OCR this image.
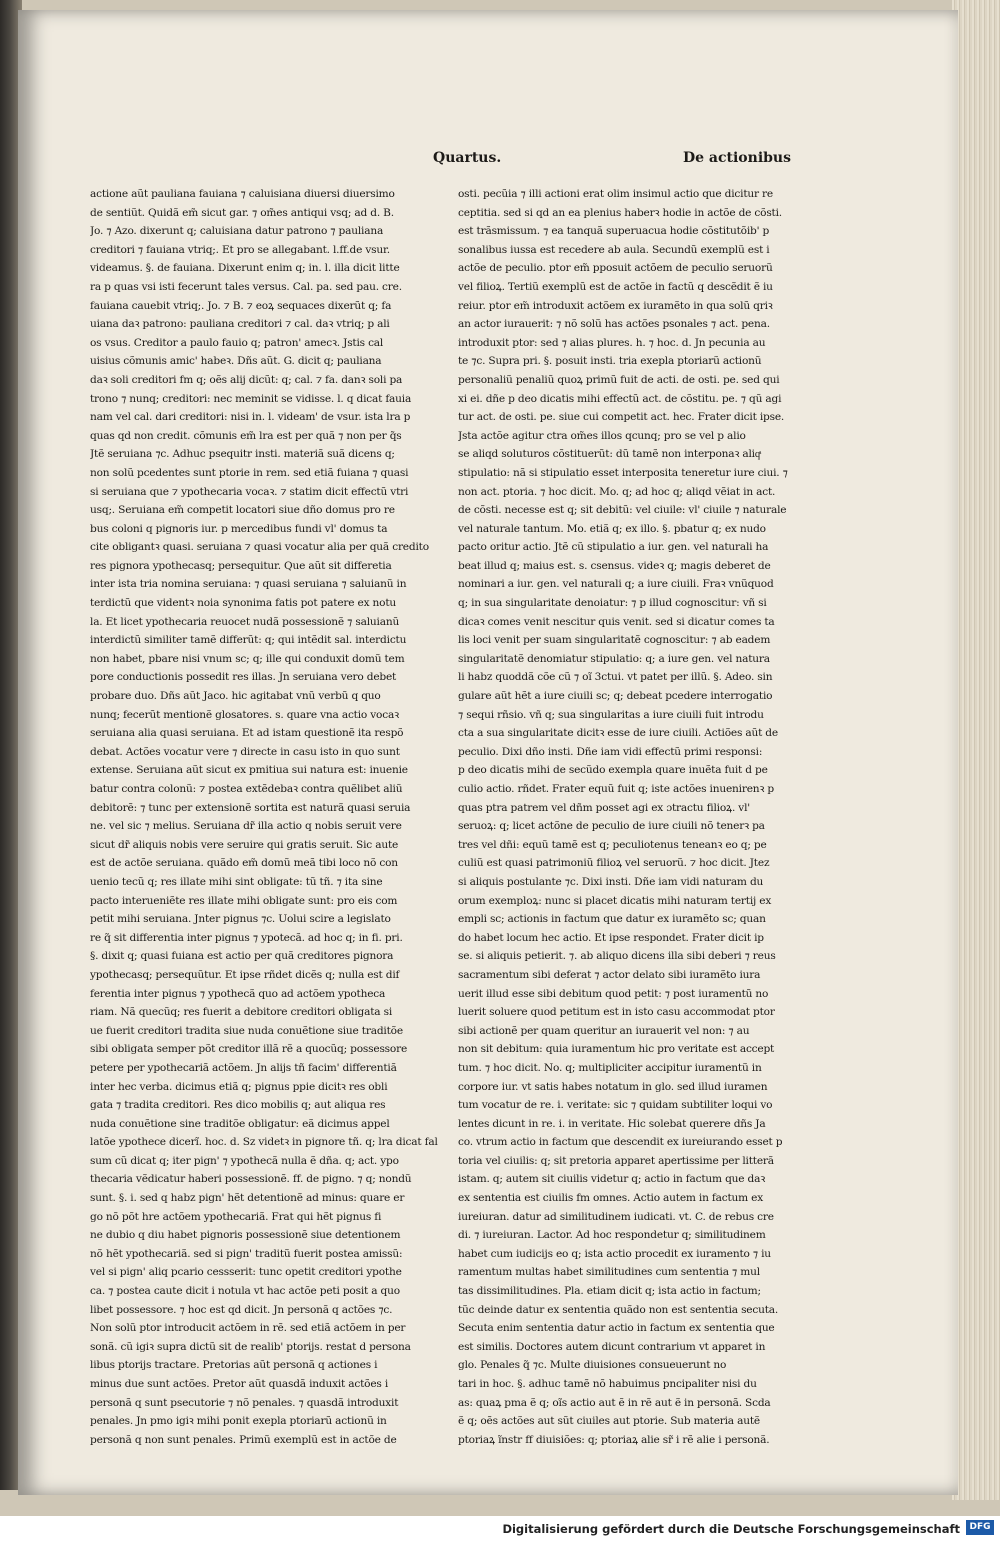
Quartus.	De actionibus
actione aũt pauliana fauiana ⁊ caluisiana diuersi diuersimo
de sentiũt. Quidã em̃ sicut gar. ⁊ om̃es antiqui vsq; ad d. B.
Jo. ⁊ Azo. dixerunt q; caluisiana datur patrono ⁊ pauliana
creditori ⁊ fauiana vtriq;. Et pro se allegabant. l.ff.de vsur.
videamus. §. de fauiana. Dixerunt enim q; in. l. illa dicit litte
ra p quas vsi isti fecerunt tales versus. Cal. pa. sed pau. cre.
fauiana cauebit vtriq;. Jo. ⁊ B. ⁊ eoꝝ sequaces dixerũt q; fa
uiana daꝛ patrono: pauliana creditori ⁊ cal. daꝛ vtriq; p ali
os vsus. Creditor a paulo fauio q; patron' amecꝛ. Jstis cal
uisius cõmunis amic' habeꝛ. Dñs aũt. G. dicit q; pauliana
daꝛ soli creditori fm q; oẽs alij dicũt: q; cal. ⁊ fa. danꝛ soli pa
trono ⁊ nunq; creditori: nec meminit se vidisse. l. q dicat fauia
nam vel cal. dari creditori: nisi in. l. videam' de vsur. ista lra p
quas qd non credit. cõmunis em̃ lra est per quã ⁊ non per q̃s
Jtẽ seruiana ⁊c. Adhuc psequitr insti. materiã suã dicens q;
non solũ pcedentes sunt ptorie in rem. sed etiã fuiana ⁊ quasi
si seruiana que ⁊ ypothecaria vocaꝛ. ⁊ statim dicit effectũ vtri
usq;. Seruiana em̃ competit locatori siue dño domus pro re
bus coloni q pignoris iur. p mercedibus fundi vl' domus ta
cite obligantꝛ quasi. seruiana ⁊ quasi vocatur alia per quã credito
res pignora ypothecasq; persequitur. Que aũt sit differetia
inter ista tria nomina seruiana: ⁊ quasi seruiana ⁊ saluianũ in
terdictũ que videntꝛ noia synonima fatis pot patere ex notu
la. Et licet ypothecaria reuocet nudã possessionẽ ⁊ saluianũ
interdictũ similiter tamẽ differũt: q; qui intẽdit sal. interdictu
non habet, pbare nisi vnum sc; q; ille qui conduxit domũ tem
pore conductionis possedit res illas. Jn seruiana vero debet
probare duo. Dñs aũt Jaco. hic agitabat vnũ verbũ q quo
nunq; fecerũt mentionẽ glosatores. s. quare vna actio vocaꝛ
seruiana alia quasi seruiana. Et ad istam questionẽ ita respõ
debat. Actões vocatur vere ⁊ directe in casu isto in quo sunt
extense. Seruiana aũt sicut ex pmitiua sui natura est: inuenie
batur contra colonũ: ⁊ postea extẽdebaꝛ contra quẽlibet aliũ
debitorẽ: ⁊ tunc per extensionẽ sortita est naturã quasi seruia
ne. vel sic ⁊ melius. Seruiana dr̃ illa actio q nobis seruit vere
sicut dr̃ aliquis nobis vere seruire qui gratis seruit. Sic aute
est de actõe seruiana. quãdo em̃ domũ meã tibi loco nõ con
uenio tecũ q; res illate mihi sint obligate: tũ tñ. ⁊ ita sine
pacto interueniẽte res illate mihi obligate sunt: pro eis com
petit mihi seruiana. Jnter pignus ⁊c. Uolui scire a legislato
re q̃ sit differentia inter pignus ⁊ ypotecã. ad hoc q; in fi. pri.
§. dixit q; quasi fuiana est actio per quã creditores pignora
ypothecasq; persequũtur. Et ipse rñdet dicẽs q; nulla est dif
ferentia inter pignus ⁊ ypothecã quo ad actõem ypotheca
riam. Nã quecũq; res fuerit a debitore creditori obligata si
ue fuerit creditori tradita siue nuda conuẽtione siue traditõe
sibi obligata semper põt creditor illã rẽ a quocũq; possessore
petere per ypothecariã actõem. Jn alijs tñ facim' differentiã
inter hec verba. dicimus etiã q; pignus ppie dicitꝛ res obli
gata ⁊ tradita creditori. Res dico mobilis q; aut aliqua res
nuda conuẽtione sine traditõe obligatur: eã dicimus appel
latõe ypothece dicerĩ. hoc. d. Sz videtꝛ in pignore tñ. q; lra dicat fal
sum cũ dicat q; iter pign' ⁊ ypothecã nulla ẽ dña. q; act. ypo
thecaria vẽdicatur haberi possessionẽ. ff. de pigno. ⁊ q; nondũ
sunt. §. i. sed q habz pign' hẽt detentionẽ ad minus: quare er
go nõ põt hre actõem ypothecariã. Frat qui hẽt pignus fi
ne dubio q diu habet pignoris possessionẽ siue detentionem
nõ hẽt ypothecariã. sed si pign' traditũ fuerit postea amissũ:
vel si pign' aliq pcario cessserit: tunc opetit creditori ypothe
ca. ⁊ postea caute dicit i notula vt hac actõe peti posit a quo
libet possessore. ⁊ hoc est qd dicit. Jn personã q actões ⁊c.
Non solũ ptor introducit actõem in rẽ. sed etiã actõem in per
sonã. cũ igiꝛ supra dictũ sit de realib' ptorijs. restat d persona
libus ptorijs tractare. Pretorias aũt personã q actiones i
minus due sunt actões. Pretor aũt quasdã induxit actões i
personã q sunt psecutorie ⁊ nõ penales. ⁊ quasdã introduxit
penales. Jn pmo igiꝛ mihi ponit exepla ptoriarũ actionũ in
personã q non sunt penales. Primũ exemplũ est in actõe de
osti. pecũia ⁊ illi actioni erat olim insimul actio que dicitur re
ceptitia. sed si qd an ea plenius haberꝛ hodie in actõe de cõsti.
est trãsmissum. ⁊ ea tanquã superuacua hodie cõstitutõib' p
sonalibus iussa est recedere ab aula. Secundũ exemplũ est i
actõe de peculio. ptor em̃ pposuit actõem de peculio seruorũ
vel filioꝝ. Tertiũ exemplũ est de actõe in factũ q descẽdit ẽ iu
reiur. ptor em̃ introduxit actõem ex iuramẽto in qua solũ qriꝛ
an actor iurauerit: ⁊ nõ solũ has actões psonales ⁊ act. pena.
introduxit ptor: sed ⁊ alias plures. h. ⁊ hoc. d. Jn pecunia au
te ⁊c. Supra pri. §. posuit insti. tria exepla ptoriarũ actionũ
personaliũ penaliũ quoꝝ primũ fuit de acti. de osti. pe. sed qui
xi ei. dñe p deo dicatis mihi effectũ act. de cõstitu. pe. ⁊ qũ agi
tur act. de osti. pe. siue cui competit act. hec. Frater dicit ipse.
Jsta actõe agitur ctra om̃es illos qcunq; pro se vel p alio
se aliqd soluturos cõstituerũt: dũ tamẽ non interponaꝛ aliqͣ
stipulatio: nã si stipulatio esset interposita teneretur iure ciui. ⁊
non act. ptoria. ⁊ hoc dicit. Mo. q; ad hoc q; aliqd vẽiat in act.
de cõsti. necesse est q; sit debitũ: vel ciuile: vl' ciuile ⁊ naturale
vel naturale tantum. Mo. etiã q; ex illo. §. pbatur q; ex nudo
pacto oritur actio. Jtẽ cũ stipulatio a iur. gen. vel naturali ha
beat illud q; maius est. s. csensus. videꝛ q; magis deberet de
nominari a iur. gen. vel naturali q; a iure ciuili. Fraꝛ vnũquod
q; in sua singularitate denoiatur: ⁊ p illud cognoscitur: vñ si
dicaꝛ comes venit nescitur quis venit. sed si dicatur comes ta
lis loci venit per suam singularitatẽ cognoscitur: ⁊ ab eadem
singularitatẽ denomiatur stipulatio: q; a iure gen. vel natura
li habz quoddã cõe cũ ⁊ oĩ 3ctui. vt patet per illũ. §. Adeo. sin
gulare aũt hẽt a iure ciuili sc; q; debeat pcedere interrogatio
⁊ sequi rñsio. vñ q; sua singularitas a iure ciuili fuit introdu
cta a sua singularitate dicitꝛ esse de iure ciuili. Actiões aũt de
peculio. Dixi dño insti. Dñe iam vidi effectũ primi responsi:
p deo dicatis mihi de secũdo exempla quare inuẽta fuit d pe
culio actio. rñdet. Frater equũ fuit q; iste actões inuenirenꝛ p
quas ptra patrem vel dñm posset agi ex ɔtractu filioꝝ. vl'
seruoꝝ: q; licet actõne de peculio de iure ciuili nõ tenerꝛ pa
tres vel dñi: equũ tamẽ est q; peculiotenus teneanꝛ eo q; pe
culiũ est quasi patrimoniũ filioꝝ vel seruorũ. ⁊ hoc dicit. Jtez
si aliquis postulante ⁊c. Dixi insti. Dñe iam vidi naturam du
orum exemploꝝ: nunc si placet dicatis mihi naturam tertij ex
empli sc; actionis in factum que datur ex iuramẽto sc; quan
do habet locum hec actio. Et ipse respondet. Frater dicit ip
se. si aliquis petierit. ⁊. ab aliquo dicens illa sibi deberi ⁊ reus
sacramentum sibi deferat ⁊ actor delato sibi iuramẽto iura
uerit illud esse sibi debitum quod petit: ⁊ post iuramentũ no
luerit soluere quod petitum est in isto casu accommodat ptor
sibi actionẽ per quam queritur an iurauerit vel non: ⁊ au
non sit debitum: quia iuramentum hic pro veritate est accept
tum. ⁊ hoc dicit. No. q; multipliciter accipitur iuramentũ in
corpore iur. vt satis habes notatum in glo. sed illud iuramen
tum vocatur de re. i. veritate: sic ⁊ quidam subtiliter loqui vo
lentes dicunt in re. i. in veritate. Hic solebat querere dñs Ja
co. vtrum actio in factum que descendit ex iureiurando esset p
toria vel ciuilis: q; sit pretoria apparet apertissime per litterã
istam. q; autem sit ciuilis videtur q; actio in factum que daꝛ
ex sententia est ciuilis fm omnes. Actio autem in factum ex
iureiuran. datur ad similitudinem iudicati. vt. C. de rebus cre
di. ⁊ iureiuran. Lactor. Ad hoc respondetur q; similitudinem
habet cum iudicijs eo q; ista actio procedit ex iuramento ⁊ iu
ramentum multas habet similitudines cum sententia ⁊ mul
tas dissimilitudines. Pla. etiam dicit q; ista actio in factum;
tũc deinde datur ex sententia quãdo non est sententia secuta.
Secuta enim sententia datur actio in factum ex sententia que
est similis. Doctores autem dicunt contrarium vt apparet in
glo. Penales q̃ ⁊c. Multe diuisiones consueuerunt no
tari in hoc. §. adhuc tamẽ nõ habuimus pncipaliter nisi du
as: quaꝝ pma ẽ q; oĩs actio aut ẽ in rẽ aut ẽ in personã. Scda
ẽ q; oẽs actões aut sũt ciuiles aut ptorie. Sub materia autẽ
ptoriaꝝ ĩnstr ff diuisiões: q; ptoriaꝝ alie sr̃ i rẽ alie i personã.
Digitalisierung gefördert durch die Deutsche Forschungsgemeinschaft	DFG
